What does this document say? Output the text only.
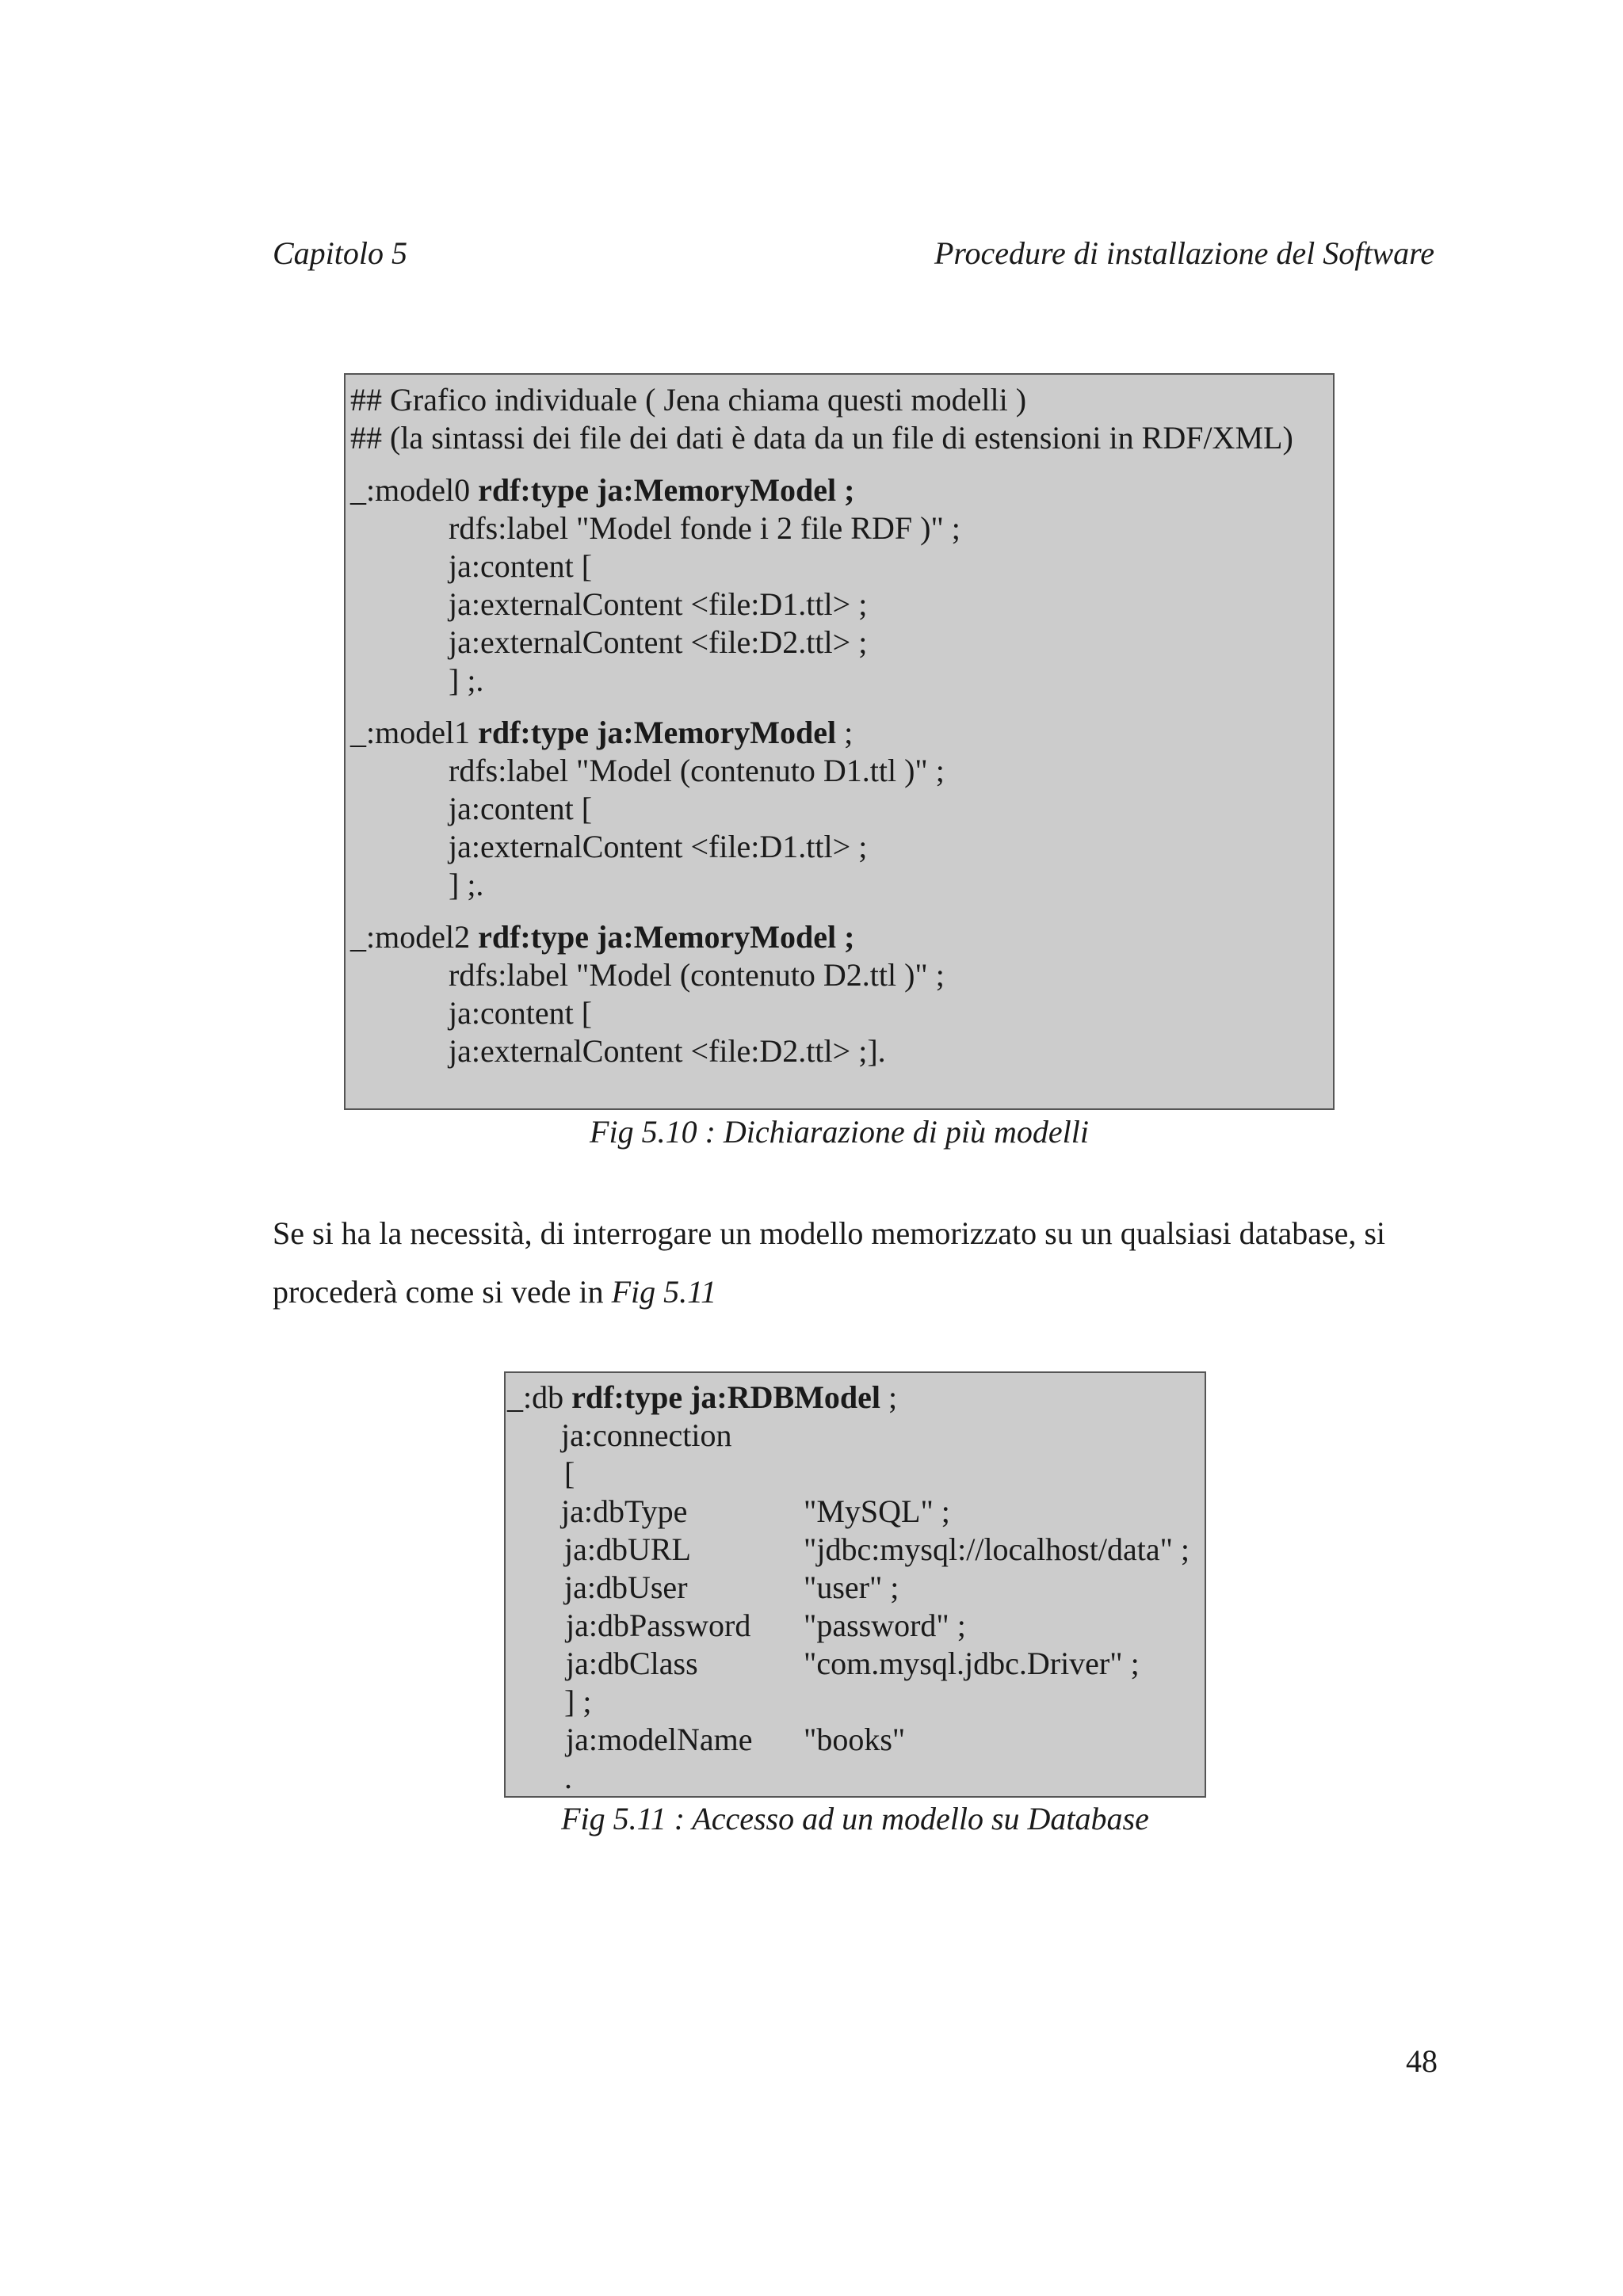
Capitolo 5	Procedure di installazione del Software
## Grafico individuale ( Jena chiama questi modelli )
## (la sintassi dei file dei dati è data da un file di estensioni in RDF/XML)
_:model0 rdf:type ja:MemoryModel ;
rdfs:label "Model fonde i 2 file RDF )" ;
ja:content [
ja:externalContent <file:D1.ttl> ;
ja:externalContent <file:D2.ttl> ;
] ;.
_:model1 rdf:type ja:MemoryModel ;
rdfs:label "Model (contenuto D1.ttl )" ;
ja:content [
ja:externalContent <file:D1.ttl> ;
] ;.
_:model2 rdf:type ja:MemoryModel ;
rdfs:label "Model (contenuto D2.ttl )" ;
ja:content [
ja:externalContent <file:D2.ttl> ;].
Fig 5.10 : Dichiarazione di più modelli
Se si ha la necessità, di interrogare un modello memorizzato su un qualsiasi database, si
procederà come si vede in Fig 5.11
_:db rdf:type ja:RDBModel ;
ja:connection
[
ja:dbType	"MySQL" ;
ja:dbURL	"jdbc:mysql://localhost/data" ;
ja:dbUser	"user" ;
ja:dbPassword "password" ;
ja:dbClass	"com.mysql.jdbc.Driver" ;
] ;
ja:modelName "books"
.
Fig 5.11 : Accesso ad un modello su Database
48
